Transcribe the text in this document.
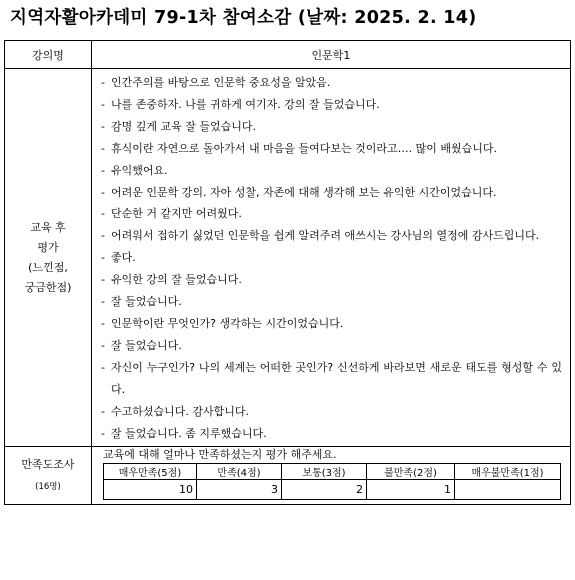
지역자활아카데미 79-1차 참여소감 (날짜: 2025. 2. 14)
강의명	인문학1

교육 후
평가
(느낀점,
궁금한점)

- 인간주의를 바탕으로 인문학 중요성을 알았음.
- 나를 존중하자. 나를 귀하게 여기자. 강의 잘 들었습니다.
- 감명 깊게 교육 잘 들었습니다.
- 휴식이란 자연으로 돌아가서 내 마음을 들여다보는 것이라고…. 많이 배웠습니다.
- 유익했어요.
- 어려운 인문학 강의. 자아 성찰, 자존에 대해 생각해 보는 유익한 시간이었습니다.
- 단순한 거 같지만 어려웠다.
- 어려워서 접하기 싫었던 인문학을 쉽게 알려주려 애쓰시는 강사님의 열정에 감사드립니다.
- 좋다.
- 유익한 강의 잘 들었습니다.
- 잘 들었습니다.
- 인문학이란 무엇인가? 생각하는 시간이었습니다.
- 잘 들었습니다.
- 자신이 누구인가? 나의 세계는 어떠한 곳인가? 신선하게 바라보면 새로운 태도를 형성할 수 있다.
- 수고하셨습니다. 감사합니다.
- 잘 들었습니다. 좀 지루했습니다.

만족도조사
(16명)

교육에 대해 얼마나 만족하셨는지 평가 해주세요.
매우만족(5점)	만족(4점)	보통(3점)	불만족(2점)	매우불만족(1점)
10	3	2	1	
